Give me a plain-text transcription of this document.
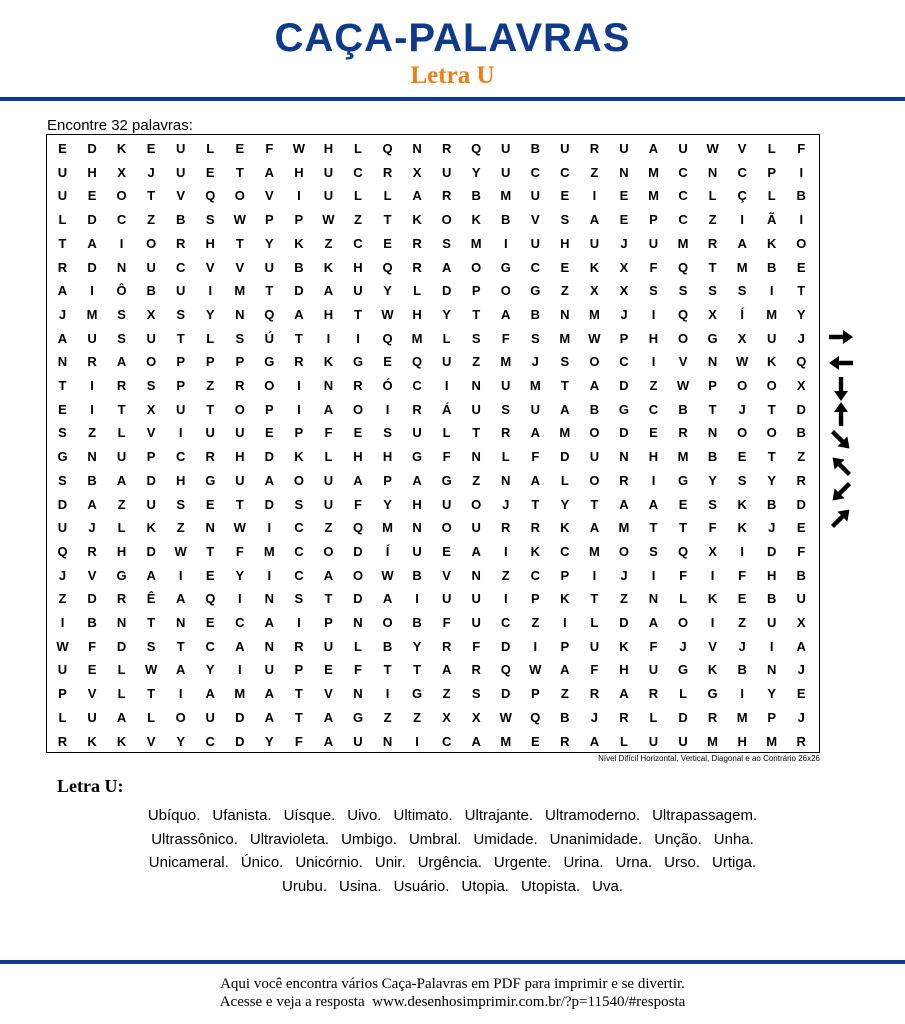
CAÇA-PALAVRAS
Letra U
Encontre 32 palavras:
E	D	K	E	U	L	E	F	W	H	L	Q	N	R	Q	U	B	U	R	U	A	U	W	V	L	F
U	H	X	J	U	E	T	A	H	U	C	R	X	U	Y	U	C	C	Z	N	M	C	N	C	P	I
U	E	O	T	V	Q	O	V	I	U	L	L	A	R	B	M	U	E	I	E	M	C	L	Ç	L	B
L	D	C	Z	B	S	W	P	P	W	Z	T	K	O	K	B	V	S	A	E	P	C	Z	I	Ã	I
T	A	I	O	R	H	T	Y	K	Z	C	E	R	S	M	I	U	H	U	J	U	M	R	A	K	O
R	D	N	U	C	V	V	U	B	K	H	Q	R	A	O	G	C	E	K	X	F	Q	T	M	B	E
A	I	Ô	B	U	I	M	T	D	A	U	Y	L	D	P	O	G	Z	X	X	S	S	S	S	I	T
J	M	S	X	S	Y	N	Q	A	H	T	W	H	Y	T	A	B	N	M	J	I	Q	X	Í	M	Y
A	U	S	U	T	L	S	Ú	T	I	I	Q	M	L	S	F	S	M	W	P	H	O	G	X	U	J
N	R	A	O	P	P	P	G	R	K	G	E	Q	U	Z	M	J	S	O	C	I	V	N	W	K	Q
T	I	R	S	P	Z	R	O	I	N	R	Ó	C	I	N	U	M	T	A	D	Z	W	P	O	O	X
E	I	T	X	U	T	O	P	I	A	O	I	R	Á	U	S	U	A	B	G	C	B	T	J	T	D
S	Z	L	V	I	U	U	E	P	F	E	S	U	L	T	R	A	M	O	D	E	R	N	O	O	B
G	N	U	P	C	R	H	D	K	L	H	H	G	F	N	L	F	D	U	N	H	M	B	E	T	Z
S	B	A	D	H	G	U	A	O	U	A	P	A	G	Z	N	A	L	O	R	I	G	Y	S	Y	R
D	A	Z	U	S	E	T	D	S	U	F	Y	H	U	O	J	T	Y	T	A	A	E	S	K	B	D
U	J	L	K	Z	N	W	I	C	Z	Q	M	N	O	U	R	R	K	A	M	T	T	F	K	J	E
Q	R	H	D	W	T	F	M	C	O	D	Í	U	E	A	I	K	C	M	O	S	Q	X	I	D	F
J	V	G	A	I	E	Y	I	C	A	O	W	B	V	N	Z	C	P	I	J	I	F	I	F	H	B
Z	D	R	Ê	A	Q	I	N	S	T	D	A	I	U	U	I	P	K	T	Z	N	L	K	E	B	U
I	B	N	T	N	E	C	A	I	P	N	O	B	F	U	C	Z	I	L	D	A	O	I	Z	U	X
W	F	D	S	T	C	A	N	R	U	L	B	Y	R	F	D	I	P	U	K	F	J	V	J	I	A
U	E	L	W	A	Y	I	U	P	E	F	T	T	A	R	Q	W	A	F	H	U	G	K	B	N	J
P	V	L	T	I	A	M	A	T	V	N	I	G	Z	S	D	P	Z	R	A	R	L	G	I	Y	E
L	U	A	L	O	U	D	A	T	A	G	Z	Z	X	X	W	Q	B	J	R	L	D	R	M	P	J
R	K	K	V	Y	C	D	Y	F	A	U	N	I	C	A	M	E	R	A	L	U	U	M	H	M	R
Nível Difícil Horizontal, Vertical, Diagonal e ao Contrário 26x26
Letra U:
Ubíquo. Ufanista. Uísque. Uivo. Ultimato. Ultrajante. Ultramoderno. Ultrapassagem.
Ultrassônico. Ultravioleta. Umbigo. Umbral. Umidade. Unanimidade. Unção. Unha.
Unicameral. Único. Unicórnio. Unir. Urgência. Urgente. Urina. Urna. Urso. Urtiga.
Urubu. Usina. Usuário. Utopia. Utopista. Uva.
Aqui você encontra vários Caça-Palavras em PDF para imprimir e se divertir.
Acesse e veja a resposta  www.desenhosimprimir.com.br/?p=11540/#resposta
